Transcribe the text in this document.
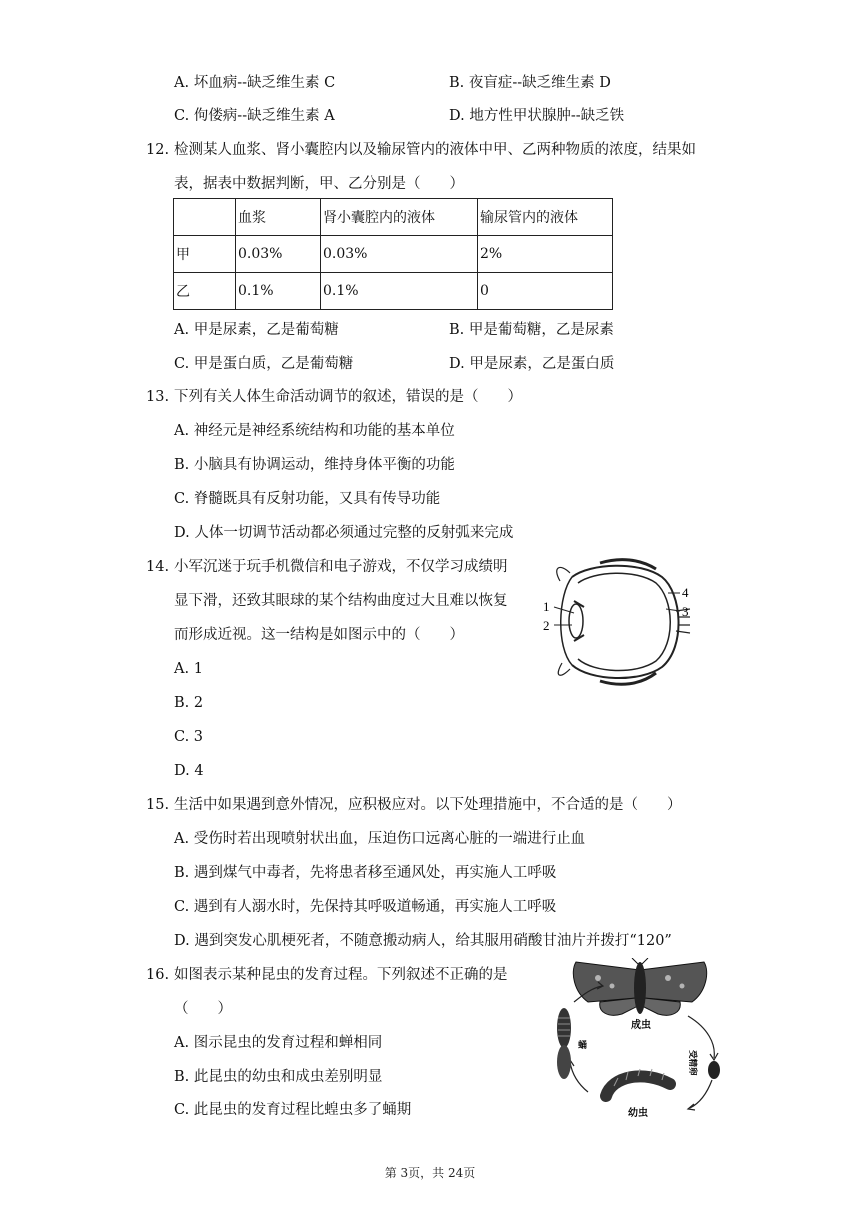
A. 坏血病--缺乏维生素 C	B. 夜盲症--缺乏维生素 D
C. 佝偻病--缺乏维生素 A	D. 地方性甲状腺肿--缺乏铁
12. 检测某人血浆、肾小囊腔内以及输尿管内的液体中甲、乙两种物质的浓度，结果如
表，据表中数据判断，甲、乙分别是（　　）
	血浆	肾小囊腔内的液体	输尿管内的液体
甲	0.03%	0.03%	2%
乙	0.1%	0.1%	0
A. 甲是尿素，乙是葡萄糖	B. 甲是葡萄糖，乙是尿素
C. 甲是蛋白质，乙是葡萄糖	D. 甲是尿素，乙是蛋白质
13. 下列有关人体生命活动调节的叙述，错误的是（　　）
A. 神经元是神经系统结构和功能的基本单位
B. 小脑具有协调运动，维持身体平衡的功能
C. 脊髓既具有反射功能，又具有传导功能
D. 人体一切调节活动都必须通过完整的反射弧来完成
14. 小军沉迷于玩手机微信和电子游戏，不仅学习成绩明
显下滑，还致其眼球的某个结构曲度过大且难以恢复
而形成近视。这一结构是如图示中的（　　）
A. 1
B. 2
C. 3
D. 4
1
2
3
4
15. 生活中如果遇到意外情况，应积极应对。以下处理措施中，不合适的是（　　）
A. 受伤时若出现喷射状出血，压迫伤口远离心脏的一端进行止血
B. 遇到煤气中毒者，先将患者移至通风处，再实施人工呼吸
C. 遇到有人溺水时，先保持其呼吸道畅通，再实施人工呼吸
D. 遇到突发心肌梗死者，不随意搬动病人，给其服用硝酸甘油片并拨打“120”
16. 如图表示某种昆虫的发育过程。下列叙述不正确的是
（　　）
A. 图示昆虫的发育过程和蝉相同
B. 此昆虫的幼虫和成虫差别明显
C. 此昆虫的发育过程比蝗虫多了蛹期
成虫
蛹
受精卵
幼虫
第 3页，共 24页
